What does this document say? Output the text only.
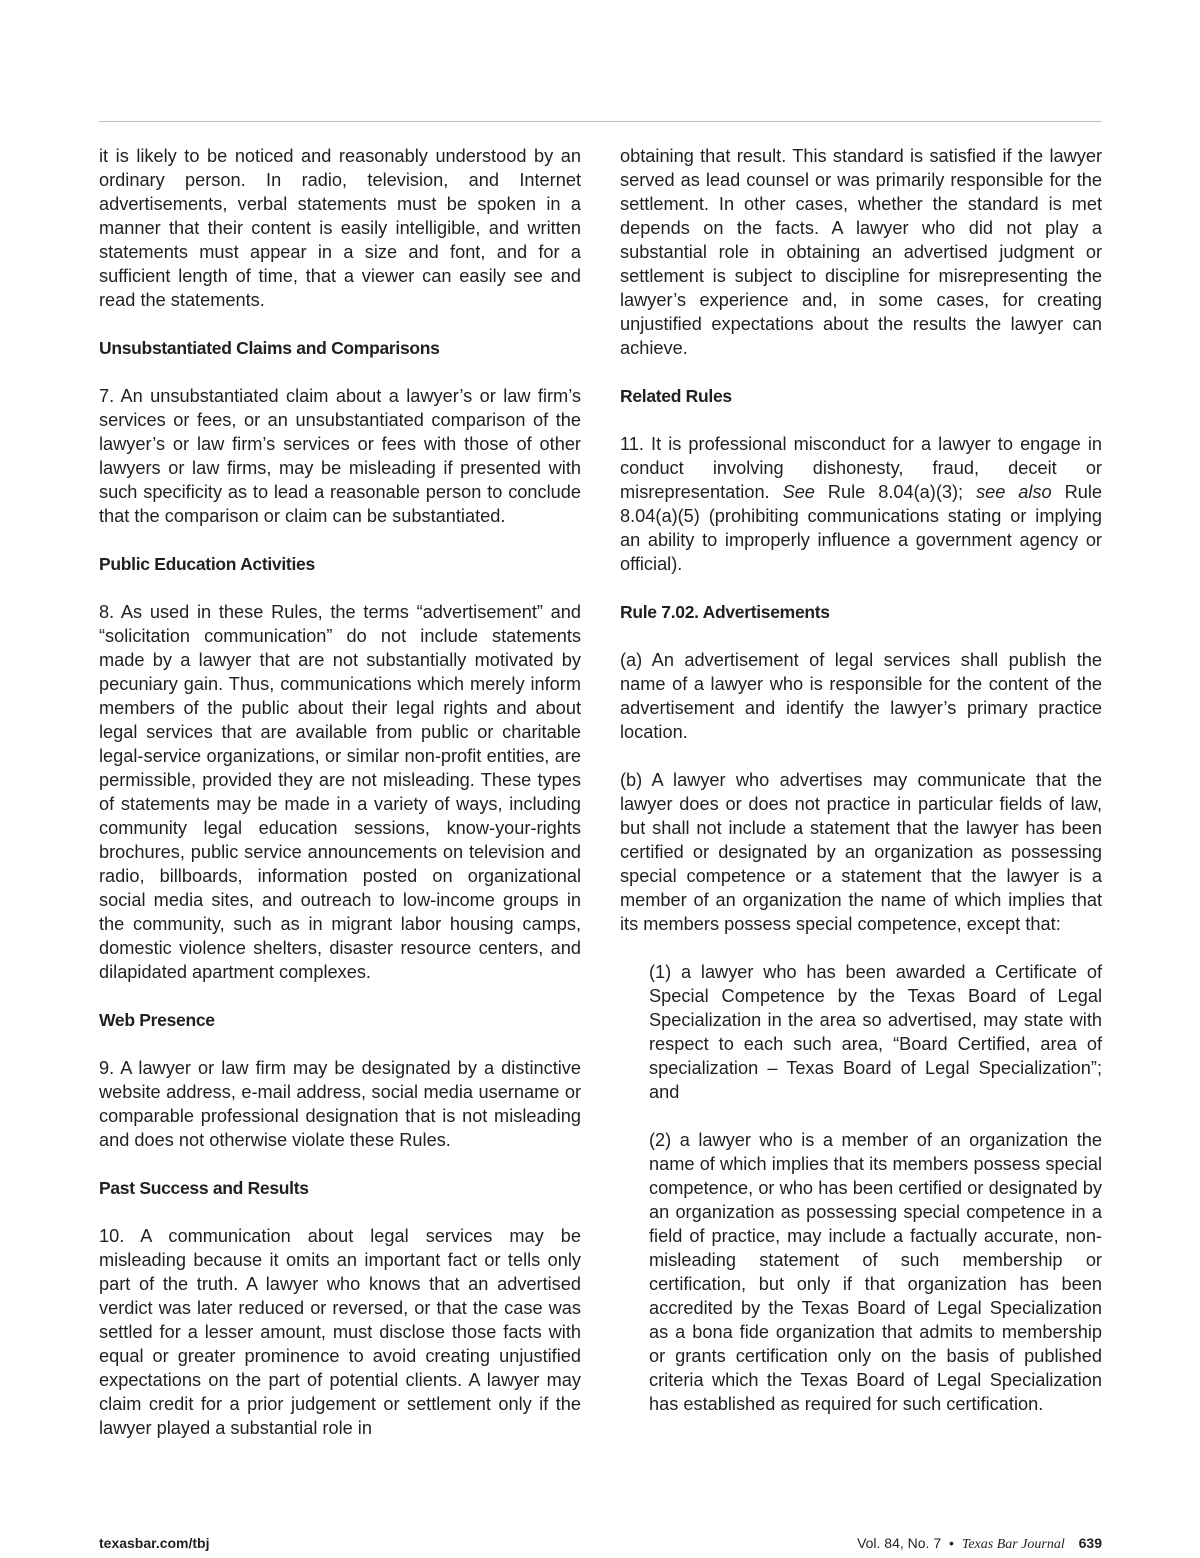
it is likely to be noticed and reasonably understood by an ordinary person. In radio, television, and Internet advertisements, verbal statements must be spoken in a manner that their content is easily intelligible, and written statements must appear in a size and font, and for a sufficient length of time, that a viewer can easily see and read the statements.

Unsubstantiated Claims and Comparisons

7. An unsubstantiated claim about a lawyer’s or law firm’s services or fees, or an unsubstantiated comparison of the lawyer’s or law firm’s services or fees with those of other lawyers or law firms, may be misleading if presented with such specificity as to lead a reasonable person to conclude that the comparison or claim can be substantiated.

Public Education Activities

8. As used in these Rules, the terms “advertisement” and “solicitation communication” do not include statements made by a lawyer that are not substantially motivated by pecuniary gain. Thus, communications which merely inform members of the public about their legal rights and about legal services that are available from public or charitable legal-service organizations, or similar non-profit entities, are permissible, provided they are not misleading. These types of statements may be made in a variety of ways, including community legal education sessions, know-your-rights brochures, public service announcements on television and radio, billboards, information posted on organizational social media sites, and outreach to low-income groups in the community, such as in migrant labor housing camps, domestic violence shelters, disaster resource centers, and dilapidated apartment complexes.

Web Presence

9. A lawyer or law firm may be designated by a distinctive website address, e-mail address, social media username or comparable professional designation that is not misleading and does not otherwise violate these Rules.

Past Success and Results

10. A communication about legal services may be misleading because it omits an important fact or tells only part of the truth. A lawyer who knows that an advertised verdict was later reduced or reversed, or that the case was settled for a lesser amount, must disclose those facts with equal or greater prominence to avoid creating unjustified expectations on the part of potential clients. A lawyer may claim credit for a prior judgement or settlement only if the lawyer played a substantial role in

obtaining that result. This standard is satisfied if the lawyer served as lead counsel or was primarily responsible for the settlement. In other cases, whether the standard is met depends on the facts. A lawyer who did not play a substantial role in obtaining an advertised judgment or settlement is subject to discipline for misrepresenting the lawyer’s experience and, in some cases, for creating unjustified expectations about the results the lawyer can achieve.

Related Rules

11. It is professional misconduct for a lawyer to engage in conduct involving dishonesty, fraud, deceit or misrepresentation. See Rule 8.04(a)(3); see also Rule 8.04(a)(5) (prohibiting communications stating or implying an ability to improperly influence a government agency or official).

Rule 7.02. Advertisements

(a) An advertisement of legal services shall publish the name of a lawyer who is responsible for the content of the advertisement and identify the lawyer’s primary practice location.

(b) A lawyer who advertises may communicate that the lawyer does or does not practice in particular fields of law, but shall not include a statement that the lawyer has been certified or designated by an organization as possessing special competence or a statement that the lawyer is a member of an organization the name of which implies that its members possess special competence, except that:

(1) a lawyer who has been awarded a Certificate of Special Competence by the Texas Board of Legal Specialization in the area so advertised, may state with respect to each such area, “Board Certified, area of specialization – Texas Board of Legal Specialization”; and

(2) a lawyer who is a member of an organization the name of which implies that its members possess special competence, or who has been certified or designated by an organization as possessing special competence in a field of practice, may include a factually accurate, non-misleading statement of such membership or certification, but only if that organization has been accredited by the Texas Board of Legal Specialization as a bona fide organization that admits to membership or grants certification only on the basis of published criteria which the Texas Board of Legal Specialization has established as required for such certification.

texasbar.com/tbj	Vol. 84, No. 7 • Texas Bar Journal 639
